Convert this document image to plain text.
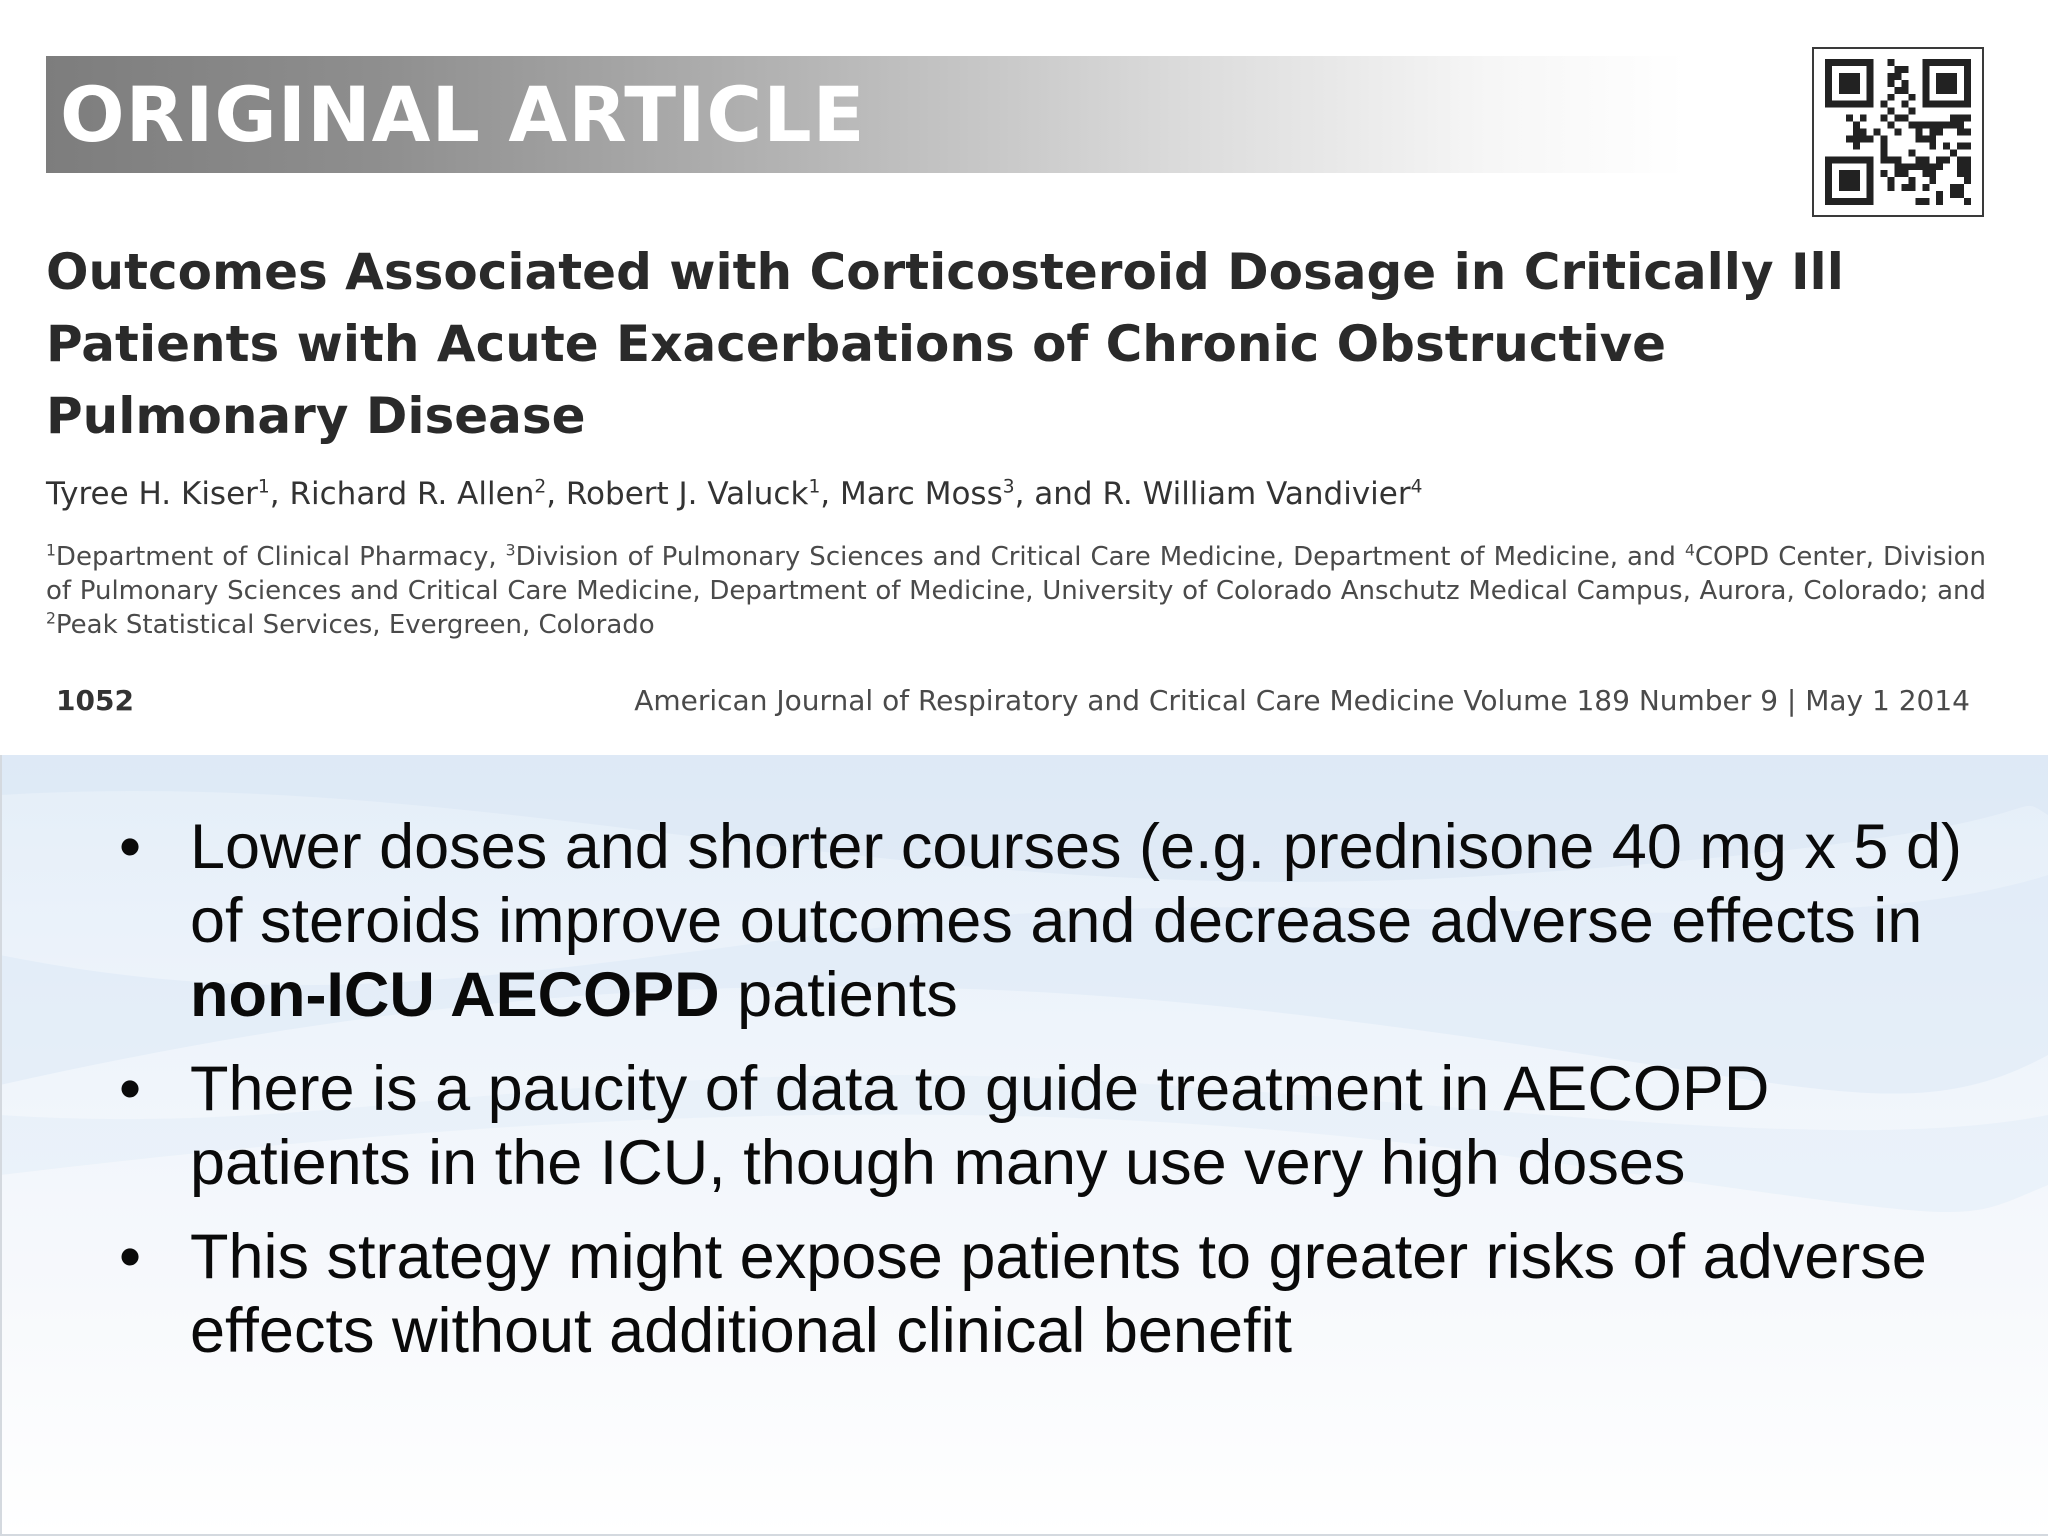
ORIGINAL ARTICLE
Outcomes Associated with Corticosteroid Dosage in Critically Ill Patients with Acute Exacerbations of Chronic Obstructive Pulmonary Disease
Tyree H. Kiser$^1$, Richard R. Allen$^2$, Robert J. Valuck$^1$, Marc Moss$^3$, and R. William Vandivier$^4$
$^1$Department of Clinical Pharmacy, $^3$Division of Pulmonary Sciences and Critical Care Medicine, Department of Medicine, and $^4$COPD Center, Division of Pulmonary Sciences and Critical Care Medicine, Department of Medicine, University of Colorado Anschutz Medical Campus, Aurora, Colorado; and $^2$Peak Statistical Services, Evergreen, Colorado
1052	American Journal of Respiratory and Critical Care Medicine Volume 189 Number 9 | May 1 2014
• Lower doses and shorter courses (e.g. prednisone 40 mg x 5 d) of steroids improve outcomes and decrease adverse effects in non-ICU AECOPD patients
• There is a paucity of data to guide treatment in AECOPD patients in the ICU, though many use very high doses
• This strategy might expose patients to greater risks of adverse effects without additional clinical benefit
